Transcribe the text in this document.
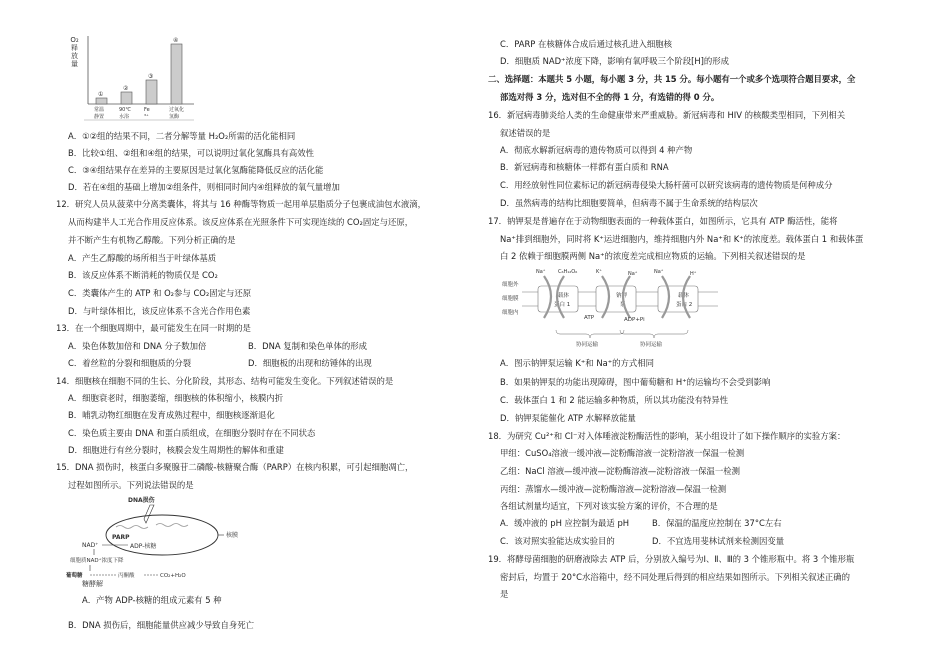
①
常温
静置
②
90℃
水浴
③
Fe
³⁺
④
过氧化
氢酶
O₂释放量
A．①②组的结果不同，二者分解等量 H₂O₂所需的活化能相同
B．比较①组、②组和④组的结果，可以说明过氧化氢酶具有高效性
C．③④组结果存在差异的主要原因是过氧化氢酶能降低反应的活化能
D．若在④组的基础上增加②组条件，则相同时间内④组释放的氧气量增加
12．研究人员从菠菜中分离类囊体，将其与 16 种酶等物质一起用单层脂质分子包裹成油包水液滴，
从而构建半人工光合作用反应体系。该反应体系在光照条件下可实现连续的 CO₂固定与还原，
并不断产生有机物乙醇酸。下列分析正确的是
A．产生乙醇酸的场所相当于叶绿体基质
B．该反应体系不断消耗的物质仅是 CO₂
C．类囊体产生的 ATP 和 O₂参与 CO₂固定与还原
D．与叶绿体相比，该反应体系不含光合作用色素
13．在一个细胞周期中，最可能发生在同一时期的是
A．染色体数加倍和 DNA 分子数加倍	B．DNA 复制和染色单体的形成
C．着丝粒的分裂和细胞质的分裂	D．细胞板的出现和纺锤体的出现
14．细胞核在细胞不同的生长、分化阶段，其形态、结构可能发生变化。下列叙述错误的是
A．细胞衰老时，细胞萎缩，细胞核的体积缩小，核膜内折
B．哺乳动物红细胞在发育成熟过程中，细胞核逐渐退化
C．染色质主要由 DNA 和蛋白质组成，在细胞分裂时存在不同状态
D．细胞进行有丝分裂时，核膜会发生周期性的解体和重建
15．DNA 损伤时，核蛋白多聚腺苷二磷酸-核糖聚合酶（PARP）在核内积累，可引起细胞凋亡，
过程如图所示。下列说法错误的是
DNA损伤
核膜
PARP
NAD⁺	ADP-核糖
细胞质NAD⁺浓度下降
葡萄糖
糖酵解
丙酮酸	CO₂+H₂O
A．产物 ADP-核糖的组成元素有 5 种
B．DNA 损伤后，细胞能量供应减少导致自身死亡
C．PARP 在核糖体合成后通过核孔进入细胞核
D．细胞质 NAD⁺浓度下降，影响有氧呼吸三个阶段[H]的形成
二、选择题：本题共 5 小题，每小题 3 分，共 15 分。每小题有一个或多个选项符合题目要求，全
部选对得 3 分，选对但不全的得 1 分，有选错的得 0 分。
16．新冠病毒肺炎给人类的生命健康带来严重威胁。新冠病毒和 HIV 的核酸类型相同，下列相关
叙述错误的是
A．彻底水解新冠病毒的遗传物质可以得到 4 种产物
B．新冠病毒和核糖体一样都有蛋白质和 RNA
C．用经放射性同位素标记的新冠病毒侵染大肠杆菌可以研究该病毒的遗传物质是何种成分
D．虽然病毒的结构比细胞要简单，但病毒不属于生命系统的结构层次
17．钠钾泵是普遍存在于动物细胞表面的一种载体蛋白，如图所示，它具有 ATP 酶活性，能将
Na⁺排到细胞外，同时将 K⁺运进细胞内，维持细胞内外 Na⁺和 K⁺的浓度差。载体蛋白 1 和载体蛋
白 2 依赖于细胞膜两侧 Na⁺的浓度差完成相应物质的运输。下列相关叙述错误的是
细胞外
细胞膜
细胞内
载体
蛋白 1
钠钾
泵
载体
蛋白 2
Na⁺	C₆H₁₂O₆	K⁺	Na⁺	Na⁺	H⁺
ATP	ADP+Pi
协同运输	协同运输
A．图示钠钾泵运输 K⁺和 Na⁺的方式相同
B．如果钠钾泵的功能出现障碍，图中葡萄糖和 H⁺的运输均不会受到影响
C．载体蛋白 1 和 2 能运输多种物质，所以其功能没有特异性
D．钠钾泵能催化 ATP 水解释放能量
18．为研究 Cu²⁺和 Cl⁻对入体唾液淀粉酶活性的影响，某小组设计了如下操作顺序的实验方案：
甲组：CuSO₄溶液一缓冲液—淀粉酶溶液一淀粉溶液一保温一检测
乙组：NaCl 溶液—缓冲液—淀粉酶溶液—淀粉溶液一保温一检测
丙组：蒸馏水—缓冲液—淀粉酶溶液—淀粉溶液—保温一检测
各组试剂量均适宜，下列对该实验方案的评价，不合理的是
A．缓冲液的 pH 应控制为最适 pH	B．保温的温度应控制在 37°C左右
C．该对照实验能达成实验目的	D．不宜选用斐林试剂来检测因变量
19．将酵母菌细胞的研磨液除去 ATP 后，分别放入编号为Ⅰ、Ⅱ、Ⅲ的 3 个锥形瓶中。将 3 个锥形瓶
密封后，均置于 20°C水浴箱中，经不同处理后得到的相应结果如图所示。下列相关叙述正确的
是
